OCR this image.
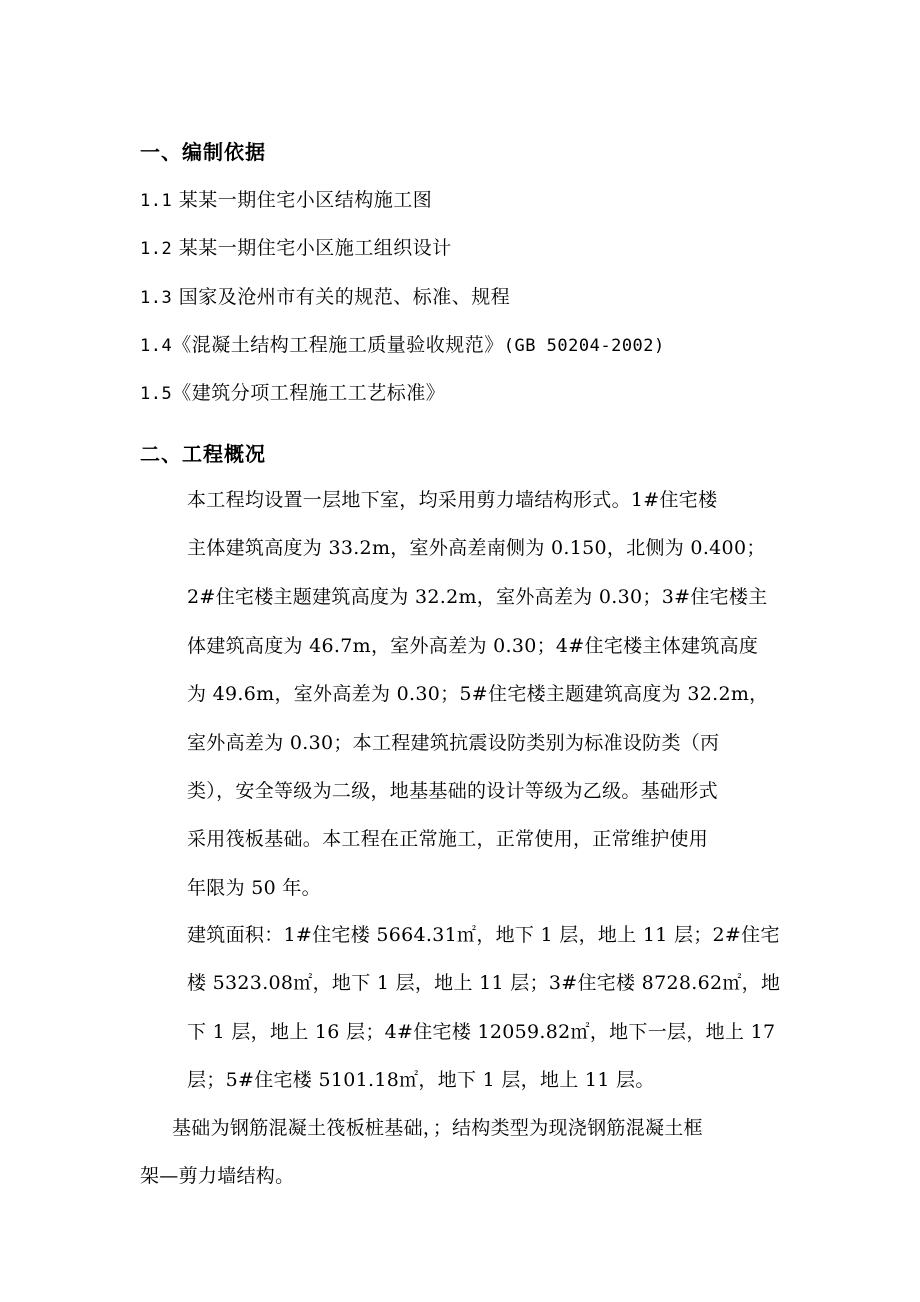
一、编制依据
1.1 某某一期住宅小区结构施工图
1.2 某某一期住宅小区施工组织设计
1.3 国家及沧州市有关的规范、标准、规程
1.4《混凝土结构工程施工质量验收规范》(GB 50204-2002)
1.5《建筑分项工程施工工艺标准》
二、工程概况
本工程均设置一层地下室，均采用剪力墙结构形式。1#住宅楼
主体建筑高度为 33.2m，室外高差南侧为 0.150，北侧为 0.400；
2#住宅楼主题建筑高度为 32.2m，室外高差为 0.30；3#住宅楼主
体建筑高度为 46.7m，室外高差为 0.30；4#住宅楼主体建筑高度
为 49.6m，室外高差为 0.30；5#住宅楼主题建筑高度为 32.2m，
室外高差为 0.30；本工程建筑抗震设防类别为标准设防类（丙
类），安全等级为二级，地基基础的设计等级为乙级。基础形式
采用筏板基础。本工程在正常施工，正常使用，正常维护使用
年限为 50 年。
建筑面积：1#住宅楼 5664.31㎡，地下 1 层，地上 11 层；2#住宅
楼 5323.08㎡，地下 1 层，地上 11 层；3#住宅楼 8728.62㎡，地
下 1 层，地上 16 层；4#住宅楼 12059.82㎡，地下一层，地上 17
层；5#住宅楼 5101.18㎡，地下 1 层，地上 11 层。
基础为钢筋混凝土筏板桩基础，；结构类型为现浇钢筋混凝土框
架—剪力墙结构。
